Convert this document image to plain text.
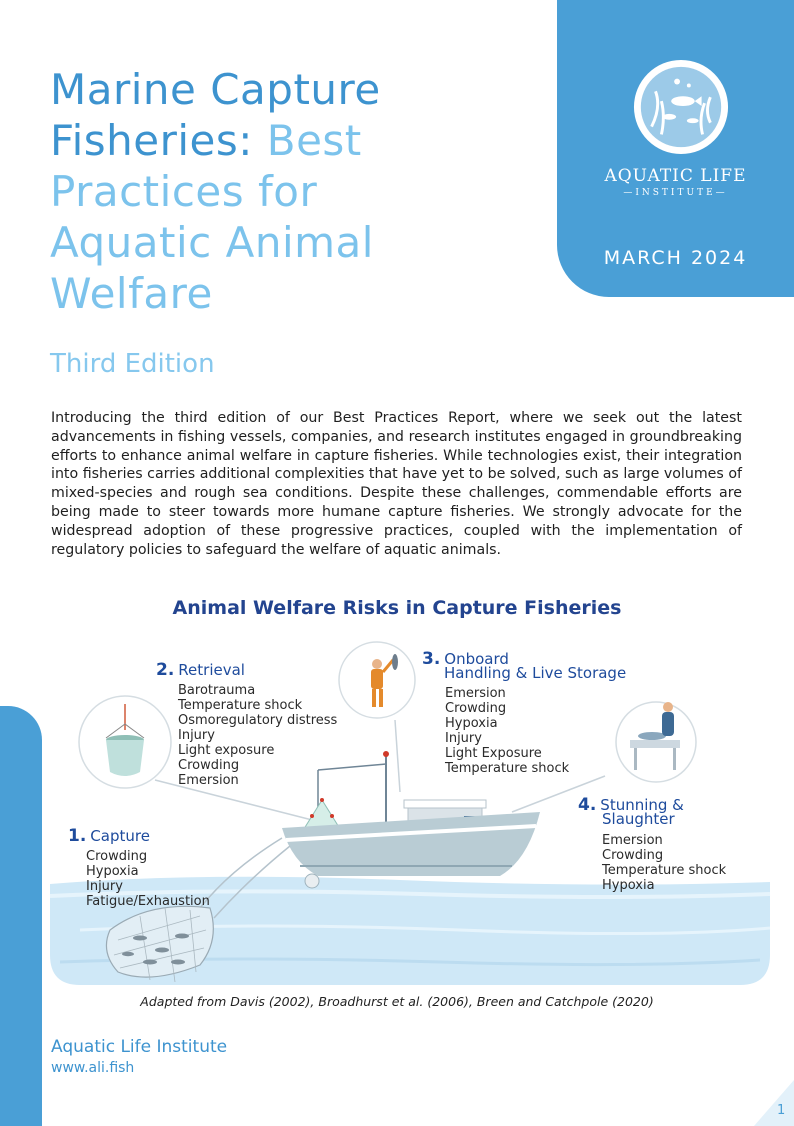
AQUATIC LIFE
—INSTITUTE—
MARCH 2024
Marine Capture
Fisheries: Best
Practices for
Aquatic Animal
Welfare
Third Edition

Introducing the third edition of our Best Practices Report, where we seek out the latest advancements in fishing vessels, companies, and research institutes engaged in groundbreaking efforts to enhance animal welfare in capture fisheries. While technologies exist, their integration into fisheries carries additional complexities that have yet to be solved, such as large volumes of mixed-species and rough sea conditions. Despite these challenges, commendable efforts are being made to steer towards more humane capture fisheries. We strongly advocate for the widespread adoption of these progressive practices, coupled with the implementation of regulatory policies to safeguard the welfare of aquatic animals.

Animal Welfare Risks in Capture Fisheries
1. Capture
Crowding
Hypoxia
Injury
Fatigue/Exhaustion
2. Retrieval
Barotrauma
Temperature shock
Osmoregulatory distress
Injury
Light exposure
Crowding
Emersion
3. Onboard
Handling & Live Storage
Emersion
Crowding
Hypoxia
Injury
Light Exposure
Temperature shock
4. Stunning &
Slaughter
Emersion
Crowding
Temperature shock
Hypoxia
Adapted from Davis (2002), Broadhurst et al. (2006), Breen and Catchpole (2020)
Aquatic Life Institute
www.ali.fish
1
